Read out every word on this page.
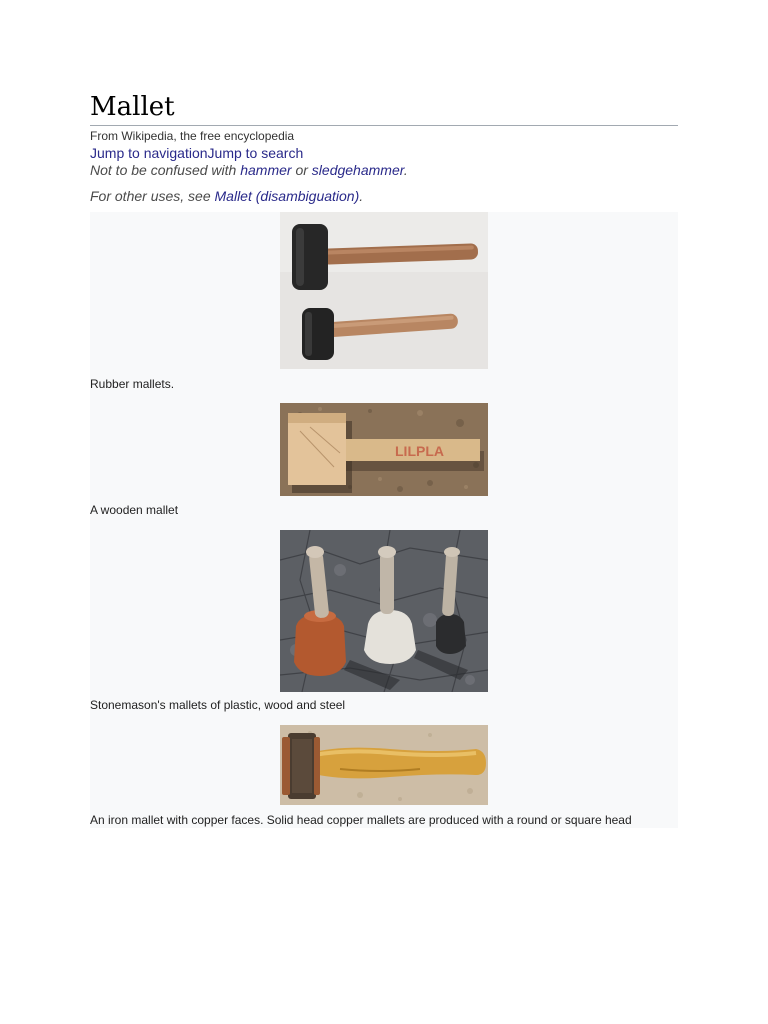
Mallet
From Wikipedia, the free encyclopedia
Jump to navigationJump to search
Not to be confused with hammer or sledgehammer.
For other uses, see Mallet (disambiguation).
Rubber mallets.
LILPLA
A wooden mallet
Stonemason's mallets of plastic, wood and steel
An iron mallet with copper faces. Solid head copper mallets are produced with a round or square head
